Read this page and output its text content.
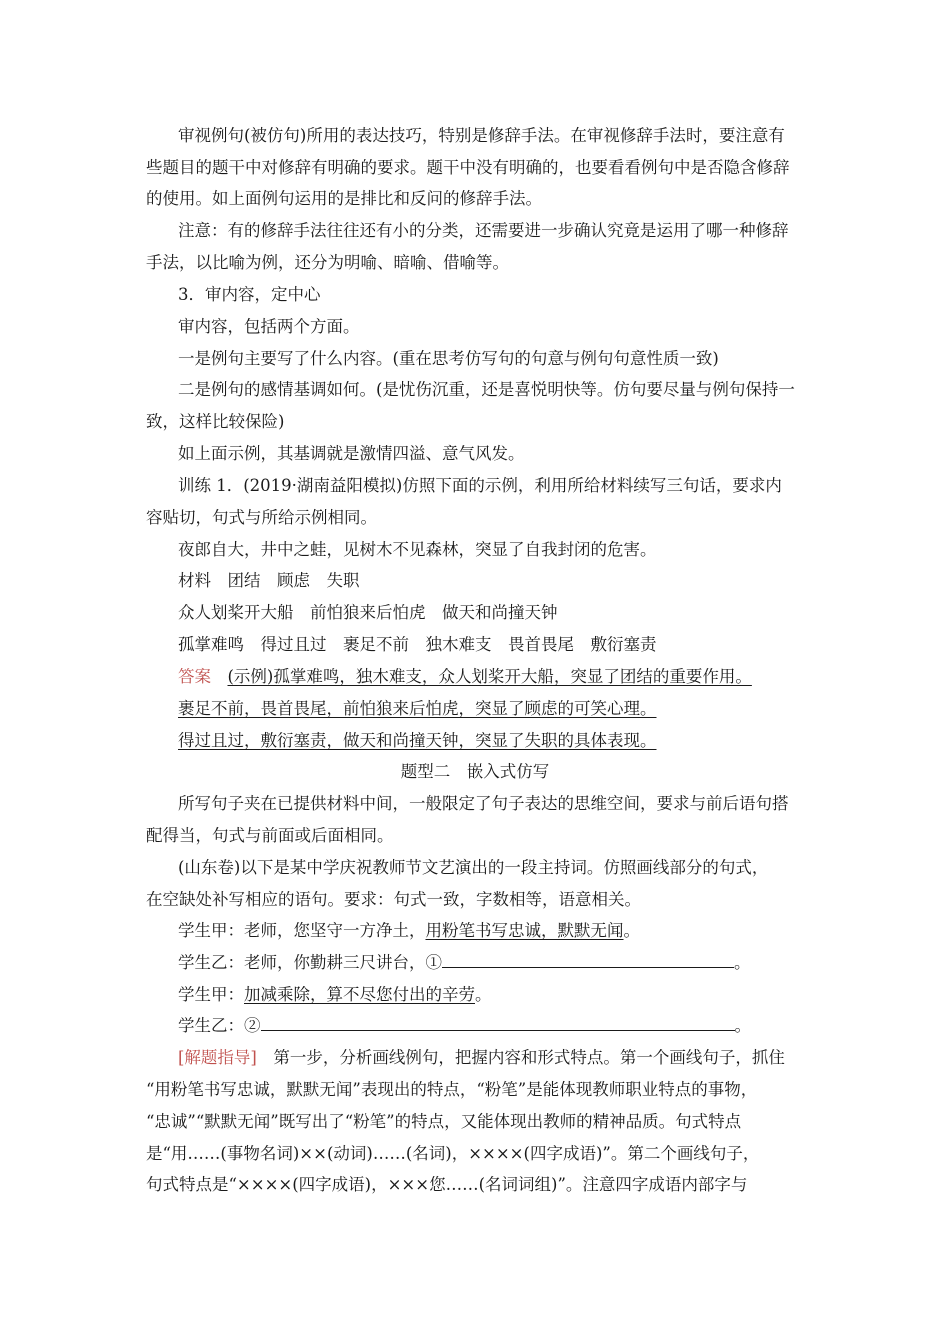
审视例句(被仿句)所用的表达技巧，特别是修辞手法。在审视修辞手法时，要注意有
些题目的题干中对修辞有明确的要求。题干中没有明确的，也要看看例句中是否隐含修辞
的使用。如上面例句运用的是排比和反问的修辞手法。
注意：有的修辞手法往往还有小的分类，还需要进一步确认究竟是运用了哪一种修辞
手法，以比喻为例，还分为明喻、暗喻、借喻等。
3．审内容，定中心
审内容，包括两个方面。
一是例句主要写了什么内容。(重在思考仿写句的句意与例句句意性质一致)
二是例句的感情基调如何。(是忧伤沉重，还是喜悦明快等。仿句要尽量与例句保持一
致，这样比较保险)
如上面示例，其基调就是激情四溢、意气风发。
训练 1．(2019·湖南益阳模拟)仿照下面的示例，利用所给材料续写三句话，要求内
容贴切，句式与所给示例相同。
夜郎自大，井中之蛙，见树木不见森林，突显了自我封闭的危害。
材料　团结　顾虑　失职
众人划桨开大船　前怕狼来后怕虎　做天和尚撞天钟
孤掌难鸣　得过且过　裹足不前　独木难支　畏首畏尾　敷衍塞责
答案　 (示例)孤掌难鸣，独木难支，众人划桨开大船，突显了团结的重要作用。
裹足不前，畏首畏尾，前怕狼来后怕虎，突显了顾虑的可笑心理。
得过且过，敷衍塞责，做天和尚撞天钟，突显了失职的具体表现。
题型二　嵌入式仿写
所写句子夹在已提供材料中间，一般限定了句子表达的思维空间，要求与前后语句搭
配得当，句式与前面或后面相同。
(山东卷)以下是某中学庆祝教师节文艺演出的一段主持词。仿照画线部分的句式，
在空缺处补写相应的语句。要求：句式一致，字数相等，语意相关。
学生甲：老师，您坚守一方净土，用粉笔书写忠诚，默默无闻。
学生乙：老师，你勤耕三尺讲台，①	。
学生甲：加减乘除，算不尽您付出的辛劳。
学生乙：②	。
[解题指导]　第一步，分析画线例句，把握内容和形式特点。第一个画线句子，抓住
“用粉笔书写忠诚，默默无闻”表现出的特点，“粉笔”是能体现教师职业特点的事物，
“忠诚”“默默无闻”既写出了“粉笔”的特点，又能体现出教师的精神品质。句式特点
是“用……(事物名词)××(动词)……(名词)，××××(四字成语)”。第二个画线句子，
句式特点是“××××(四字成语)，×××您……(名词词组)”。注意四字成语内部字与
